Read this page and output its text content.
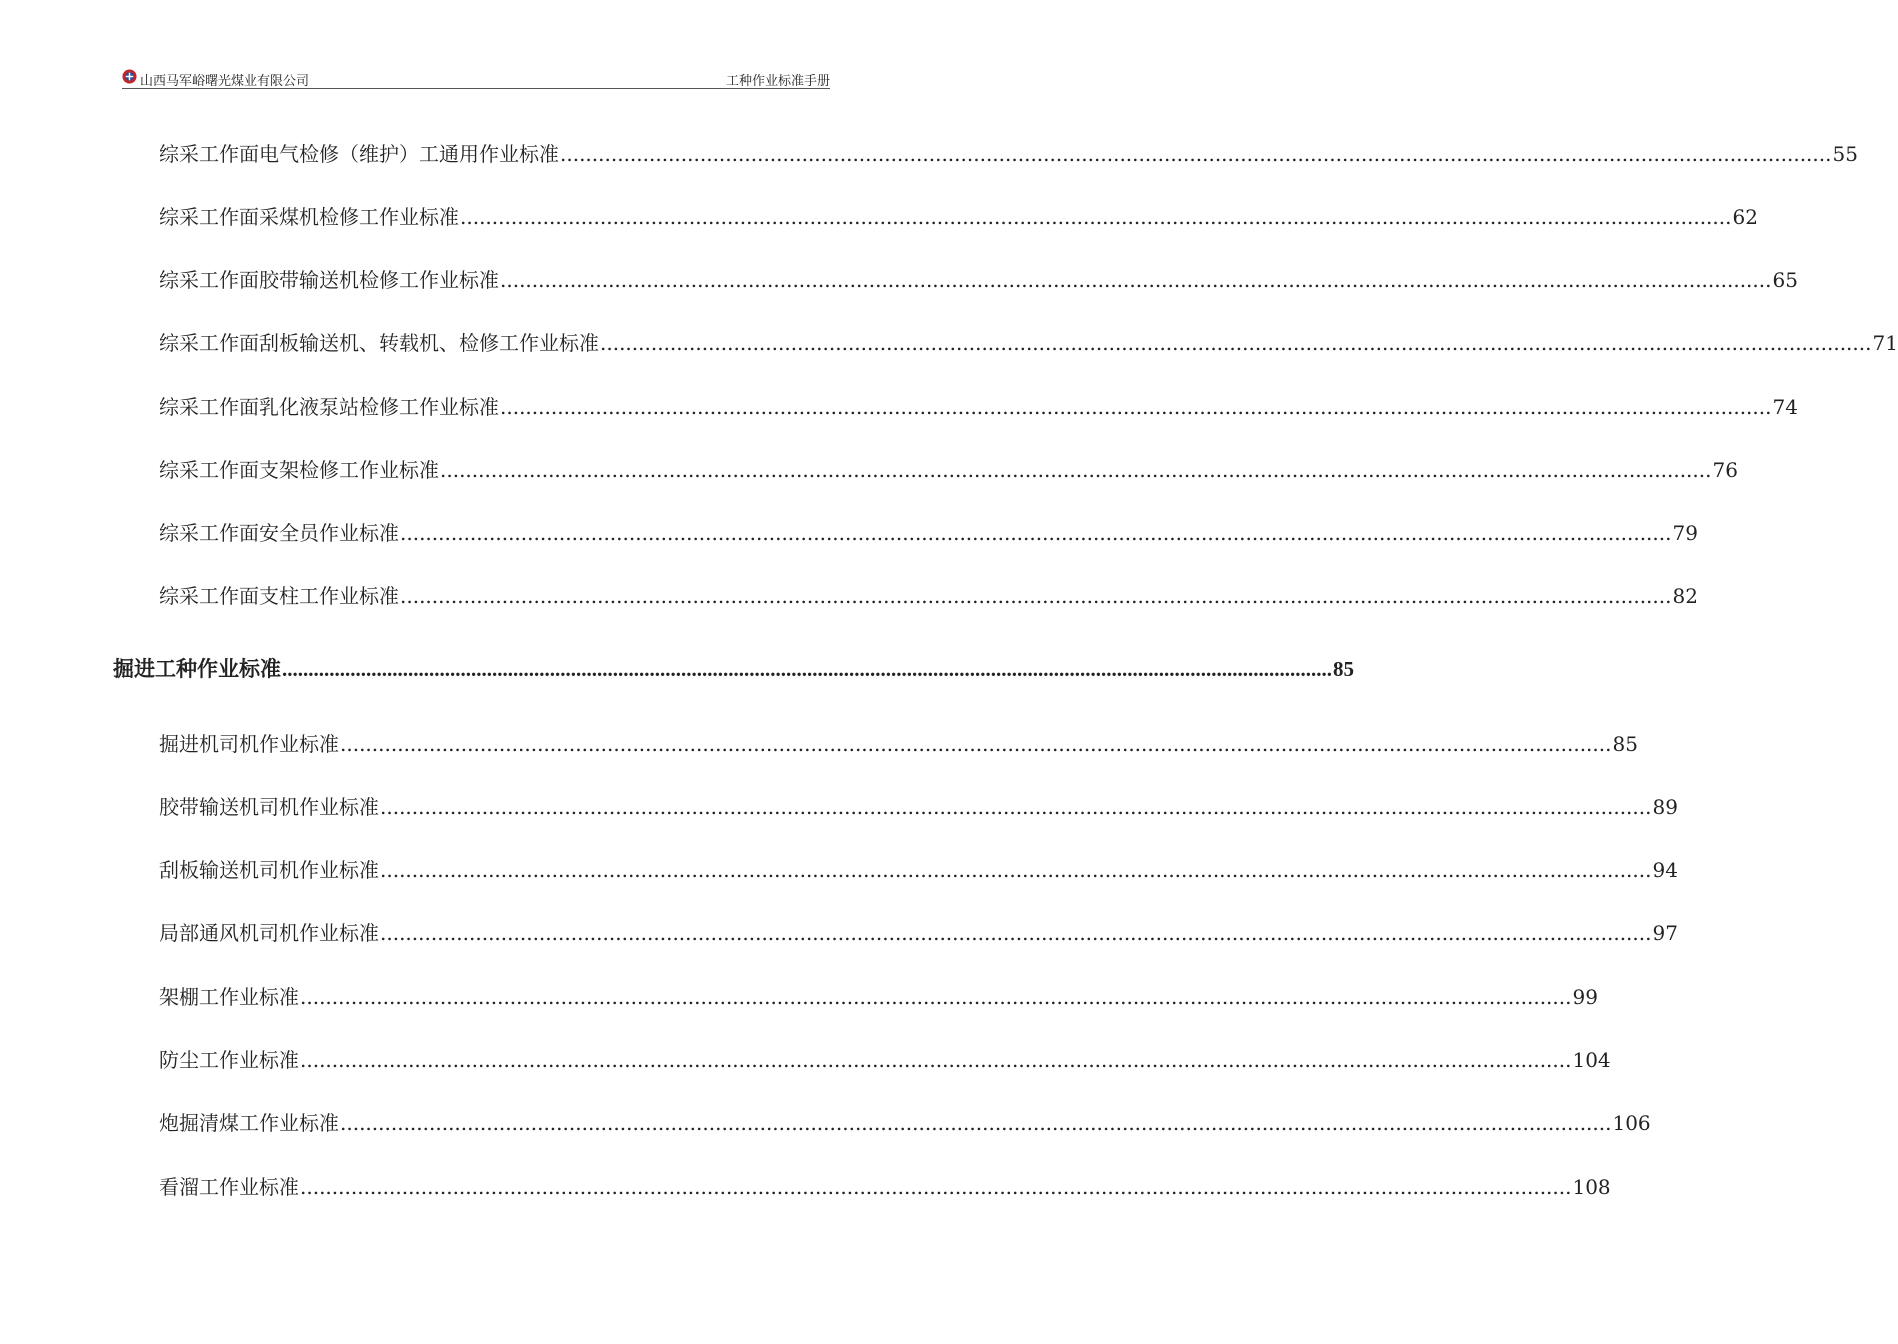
山西马军峪曙光煤业有限公司	工种作业标准手册
综采工作面电气检修（维护）工通用作业标准 ........................................................................................................................................................................................................ 55
综采工作面采煤机检修工作业标准 ........................................................................................................................................................................................................ 62
综采工作面胶带输送机检修工作业标准 ........................................................................................................................................................................................................ 65
综采工作面刮板输送机、转载机、检修工作业标准 ........................................................................................................................................................................................................ 71
综采工作面乳化液泵站检修工作业标准 ........................................................................................................................................................................................................ 74
综采工作面支架检修工作业标准 ........................................................................................................................................................................................................ 76
综采工作面安全员作业标准 ........................................................................................................................................................................................................ 79
综采工作面支柱工作业标准 ........................................................................................................................................................................................................ 82
掘进工种作业标准 ........................................................................................................................................................................................................ 85
掘进机司机作业标准 ........................................................................................................................................................................................................ 85
胶带输送机司机作业标准 ........................................................................................................................................................................................................ 89
刮板输送机司机作业标准 ........................................................................................................................................................................................................ 94
局部通风机司机作业标准 ........................................................................................................................................................................................................ 97
架棚工作业标准 ........................................................................................................................................................................................................ 99
防尘工作业标准 ........................................................................................................................................................................................................ 104
炮掘清煤工作业标准 ........................................................................................................................................................................................................ 106
看溜工作业标准 ........................................................................................................................................................................................................ 108
